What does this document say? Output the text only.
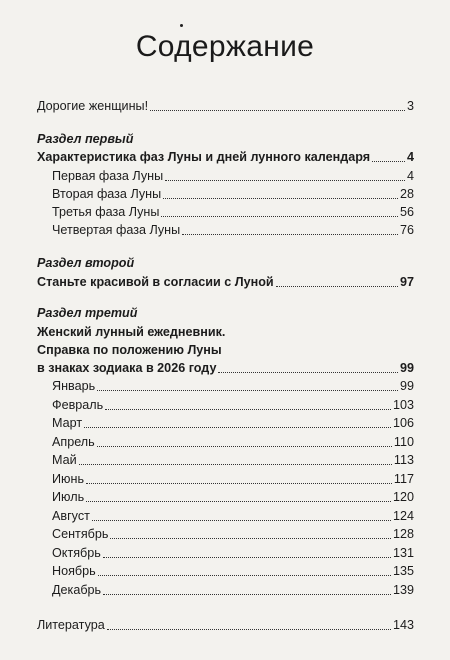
Содержание
Дорогие женщины!	3
Раздел первый
Характеристика фаз Луны и дней лунного календаря	4
Первая фаза Луны	4
Вторая фаза Луны	28
Третья фаза Луны	56
Четвертая фаза Луны	76
Раздел второй
Станьте красивой в согласии с Луной	97
Раздел третий
Женский лунный ежедневник.
Справка по положению Луны
в знаках зодиака в 2026 году	99
Январь	99
Февраль	103
Март	106
Апрель	110
Май	113
Июнь	117
Июль	120
Август	124
Сентябрь	128
Октябрь	131
Ноябрь	135
Декабрь	139
Литература	143
